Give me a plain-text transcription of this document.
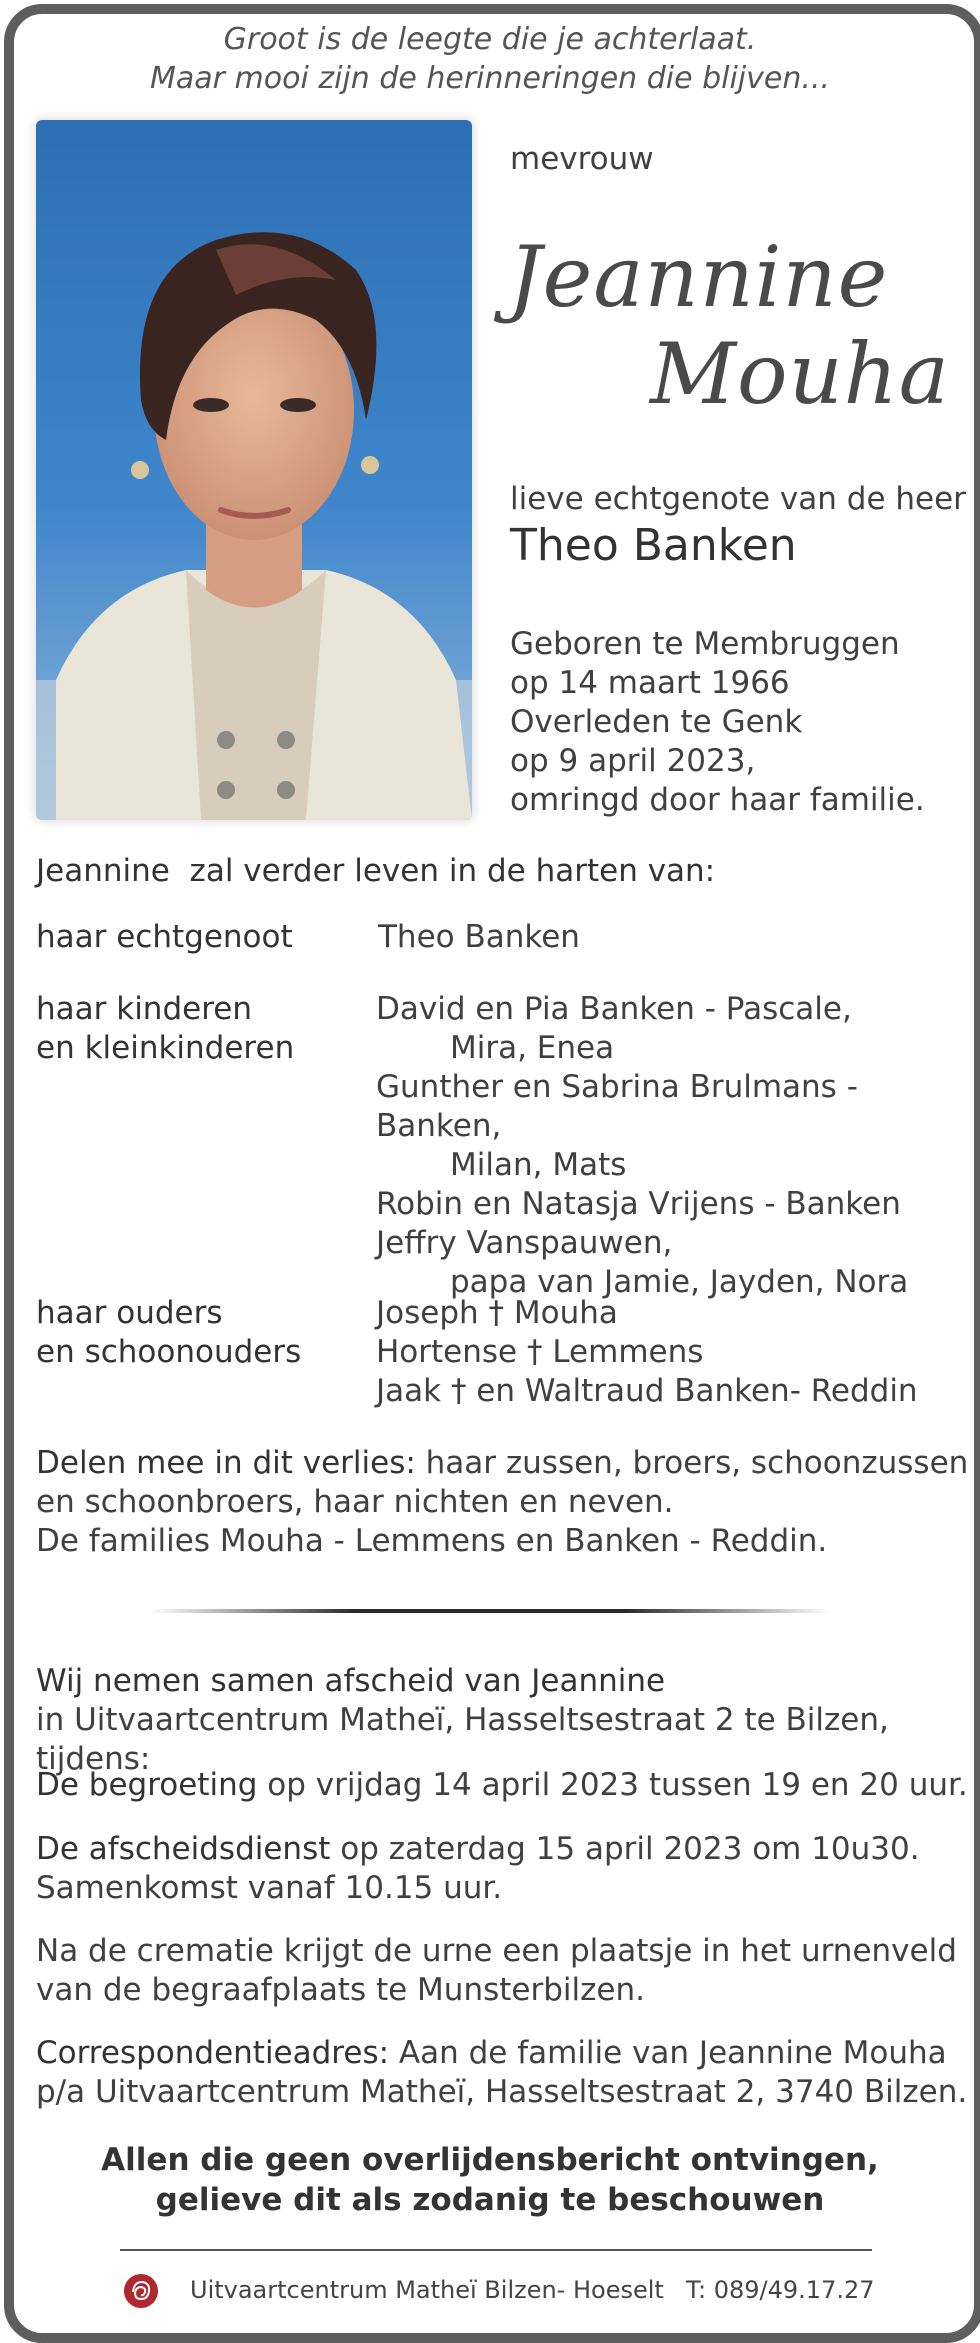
Groot is de leegte die je achterlaat.
Maar mooi zijn de herinneringen die blijven...
mevrouw
Jeannine
Mouha
lieve echtgenote van de heer
Theo Banken
Geboren te Membruggen
op 14 maart 1966
Overleden te Genk
op 9 april 2023,
omringd door haar familie.
Jeannine  zal verder leven in de harten van:
haar echtgenoot	Theo Banken
haar kinderen
en kleinkinderen
David en Pia Banken - Pascale,
Mira, Enea
Gunther en Sabrina Brulmans - Banken,
Milan, Mats
Robin en Natasja Vrijens - Banken
Jeffry Vanspauwen,
papa van Jamie, Jayden, Nora
haar ouders
en schoonouders
Joseph † Mouha
Hortense † Lemmens
Jaak † en Waltraud Banken- Reddin
Delen mee in dit verlies: haar zussen, broers, schoonzussen
en schoonbroers, haar nichten en neven.
De families Mouha - Lemmens en Banken - Reddin.
Wij nemen samen afscheid van Jeannine
in Uitvaartcentrum Matheï, Hasseltsestraat 2 te Bilzen, tijdens:
De begroeting op vrijdag 14 april 2023 tussen 19 en 20 uur.
De afscheidsdienst op zaterdag 15 april 2023 om 10u30.
Samenkomst vanaf 10.15 uur.
Na de crematie krijgt de urne een plaatsje in het urnenveld
van de begraafplaats te Munsterbilzen.
Correspondentieadres: Aan de familie van Jeannine Mouha
p/a Uitvaartcentrum Matheï, Hasseltsestraat 2, 3740 Bilzen.
Allen die geen overlijdensbericht ontvingen,
gelieve dit als zodanig te beschouwen
Uitvaartcentrum Matheï Bilzen- Hoeselt T: 089/49.17.27
